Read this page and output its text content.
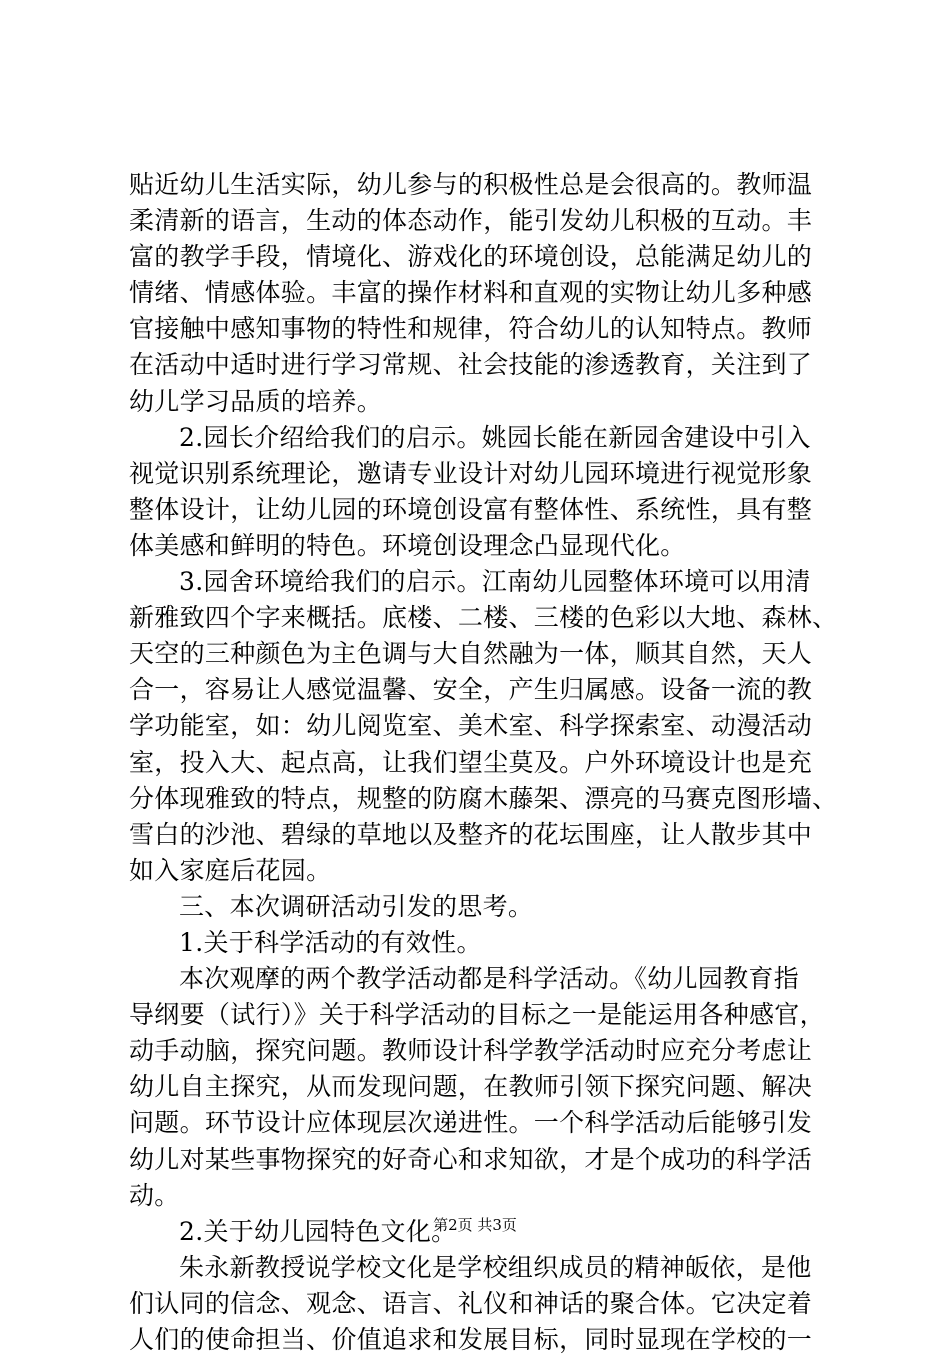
贴近幼儿生活实际，幼儿参与的积极性总是会很高的。教师温
柔清新的语言，生动的体态动作，能引发幼儿积极的互动。丰
富的教学手段，情境化、游戏化的环境创设，总能满足幼儿的
情绪、情感体验。丰富的操作材料和直观的实物让幼儿多种感
官接触中感知事物的特性和规律，符合幼儿的认知特点。教师
在活动中适时进行学习常规、社会技能的渗透教育，关注到了
幼儿学习品质的培养。
2.园长介绍给我们的启示。姚园长能在新园舍建设中引入
视觉识别系统理论，邀请专业设计对幼儿园环境进行视觉形象
整体设计，让幼儿园的环境创设富有整体性、系统性，具有整
体美感和鲜明的特色。环境创设理念凸显现代化。
3.园舍环境给我们的启示。江南幼儿园整体环境可以用清
新雅致四个字来概括。底楼、二楼、三楼的色彩以大地、森林、
天空的三种颜色为主色调与大自然融为一体，顺其自然，天人
合一，容易让人感觉温馨、安全，产生归属感。设备一流的教
学功能室，如：幼儿阅览室、美术室、科学探索室、动漫活动
室，投入大、起点高，让我们望尘莫及。户外环境设计也是充
分体现雅致的特点，规整的防腐木藤架、漂亮的马赛克图形墙、
雪白的沙池、碧绿的草地以及整齐的花坛围座，让人散步其中
如入家庭后花园。
三、本次调研活动引发的思考。
1.关于科学活动的有效性。
本次观摩的两个教学活动都是科学活动。《幼儿园教育指
导纲要（试行）》关于科学活动的目标之一是能运用各种感官，
动手动脑，探究问题。教师设计科学教学活动时应充分考虑让
幼儿自主探究，从而发现问题，在教师引领下探究问题、解决
问题。环节设计应体现层次递进性。一个科学活动后能够引发
幼儿对某些事物探究的好奇心和求知欲，才是个成功的科学活
动。
2.关于幼儿园特色文化。
朱永新教授说学校文化是学校组织成员的精神皈依，是他
们认同的信念、观念、语言、礼仪和神话的聚合体。它决定着
人们的使命担当、价值追求和发展目标，同时显现在学校的一
第2页 共3页
